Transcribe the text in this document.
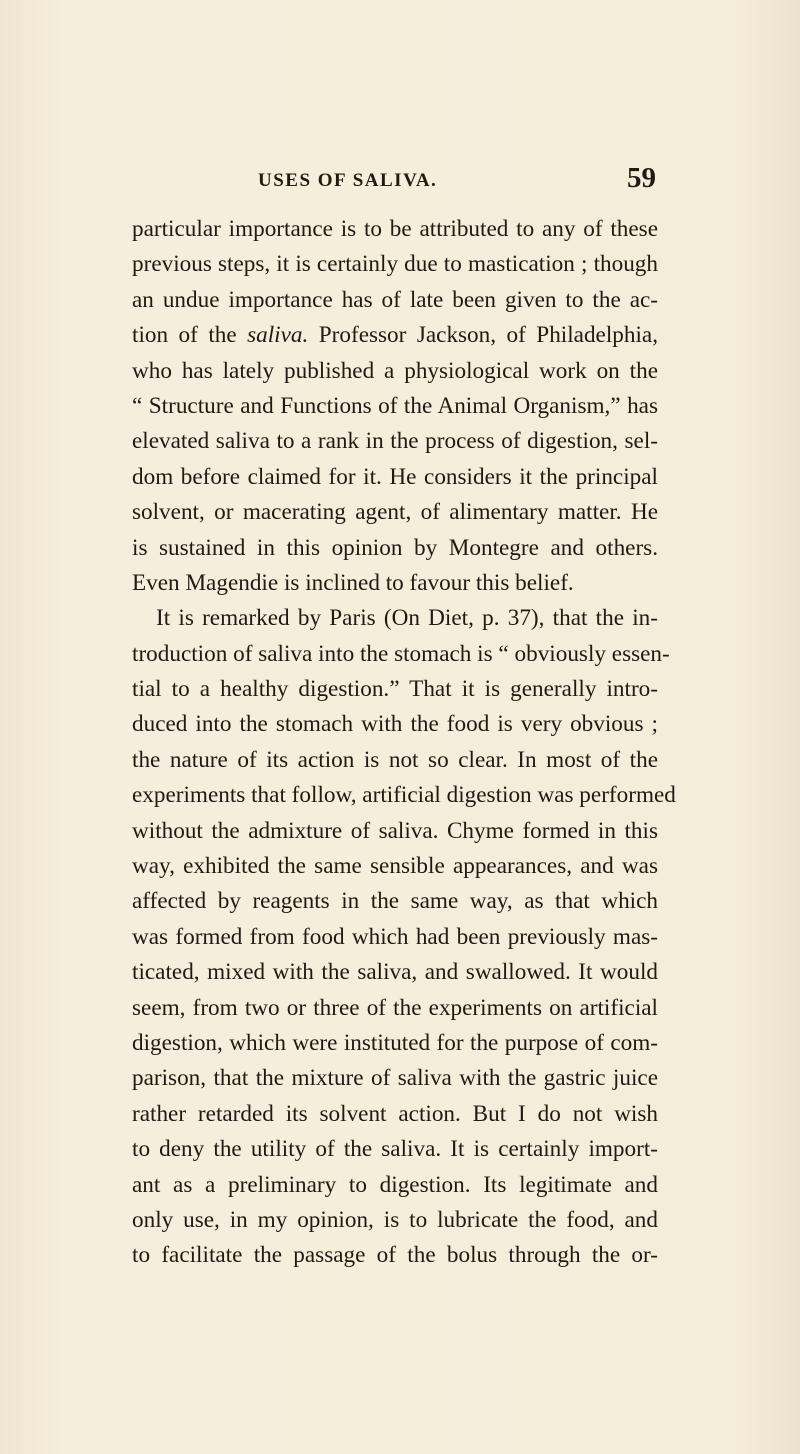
USES OF SALIVA.	59
particular importance is to be attributed to any of these
previous steps, it is certainly due to mastication ; though
an undue importance has of late been given to the ac-
tion of the saliva. Professor Jackson, of Philadelphia,
who has lately published a physiological work on the
“ Structure and Functions of the Animal Organism,” has
elevated saliva to a rank in the process of digestion, sel-
dom before claimed for it. He considers it the principal
solvent, or macerating agent, of alimentary matter. He
is sustained in this opinion by Montegre and others.
Even Magendie is inclined to favour this belief.
It is remarked by Paris (On Diet, p. 37), that the in-
troduction of saliva into the stomach is “ obviously essen-
tial to a healthy digestion.” That it is generally intro-
duced into the stomach with the food is very obvious ;
the nature of its action is not so clear. In most of the
experiments that follow, artificial digestion was performed
without the admixture of saliva. Chyme formed in this
way, exhibited the same sensible appearances, and was
affected by reagents in the same way, as that which
was formed from food which had been previously mas-
ticated, mixed with the saliva, and swallowed. It would
seem, from two or three of the experiments on artificial
digestion, which were instituted for the purpose of com-
parison, that the mixture of saliva with the gastric juice
rather retarded its solvent action. But I do not wish
to deny the utility of the saliva. It is certainly import-
ant as a preliminary to digestion. Its legitimate and
only use, in my opinion, is to lubricate the food, and
to facilitate the passage of the bolus through the or-
